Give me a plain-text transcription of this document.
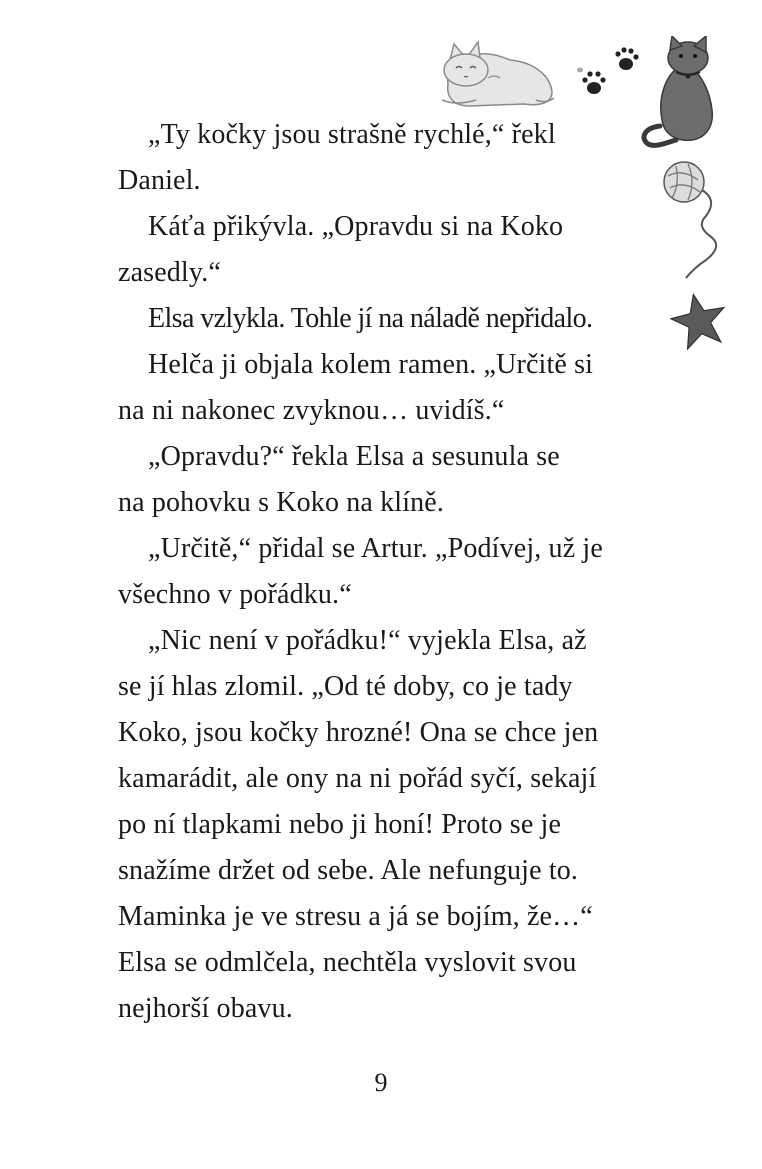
„Ty kočky jsou strašně rychlé,“ řekl
Daniel.
Káťa přikývla. „Opravdu si na Koko
zasedly.“
Elsa vzlykla. Tohle jí na náladě nepřidalo.
Helča ji objala kolem ramen. „Určitě si
na ni nakonec zvyknou… uvidíš.“
„Opravdu?“ řekla Elsa a sesunula se
na pohovku s Koko na klíně.
„Určitě,“ přidal se Artur. „Podívej, už je
všechno v pořádku.“
„Nic není v pořádku!“ vyjekla Elsa, až
se jí hlas zlomil. „Od té doby, co je tady
Koko, jsou kočky hrozné! Ona se chce jen
kamarádit, ale ony na ni pořád syčí, sekají
po ní tlapkami nebo ji honí! Proto se je
snažíme držet od sebe. Ale nefunguje to.
Maminka je ve stresu a já se bojím, že…“
Elsa se odmlčela, nechtěla vyslovit svou
nejhorší obavu.
9
